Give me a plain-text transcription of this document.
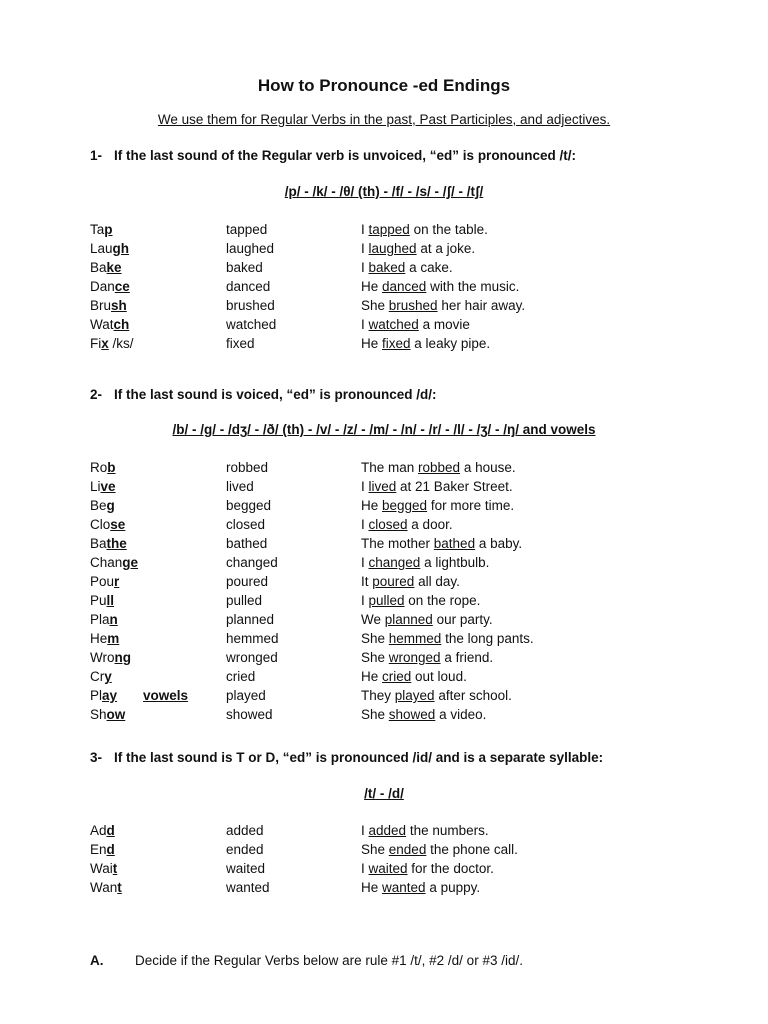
How to Pronounce -ed Endings
We use them for Regular Verbs in the past, Past Participles, and adjectives.
1- If the last sound of the Regular verb is unvoiced, “ed” is pronounced /t/:
/p/ - /k/ - /θ/ (th) - /f/ - /s/ - /ʃ/ - /tʃ/
Tap	tapped	I tapped on the table.
Laugh	laughed	I laughed at a joke.
Bake	baked	I baked a cake.
Dance	danced	He danced with the music.
Brush	brushed	She brushed her hair away.
Watch	watched	I watched a movie
Fix /ks/	fixed	He fixed a leaky pipe.
2- If the last sound is voiced, “ed” is pronounced /d/:
/b/ - /g/ - /dʒ/ - /ð/ (th) - /v/ - /z/ - /m/ - /n/ - /r/ - /l/ - /ʒ/ - /ŋ/ and vowels
Rob	robbed	The man robbed a house.
Live	lived	I lived at 21 Baker Street.
Beg	begged	He begged for more time.
Close	closed	I closed a door.
Bathe	bathed	The mother bathed a baby.
Change	changed	I changed a lightbulb.
Pour	poured	It poured all day.
Pull	pulled	I pulled on the rope.
Plan	planned	We planned our party.
Hem	hemmed	She hemmed the long pants.
Wrong	wronged	She wronged a friend.
Cry	cried	He cried out loud.
Play vowels	played	They played after school.
Show	showed	She showed a video.
3- If the last sound is T or D, “ed” is pronounced /id/ and is a separate syllable:
/t/ - /d/
Add	added	I added the numbers.
End	ended	She ended the phone call.
Wait	waited	I waited for the doctor.
Want	wanted	He wanted a puppy.
A. Decide if the Regular Verbs below are rule #1 /t/, #2 /d/ or #3 /id/.
